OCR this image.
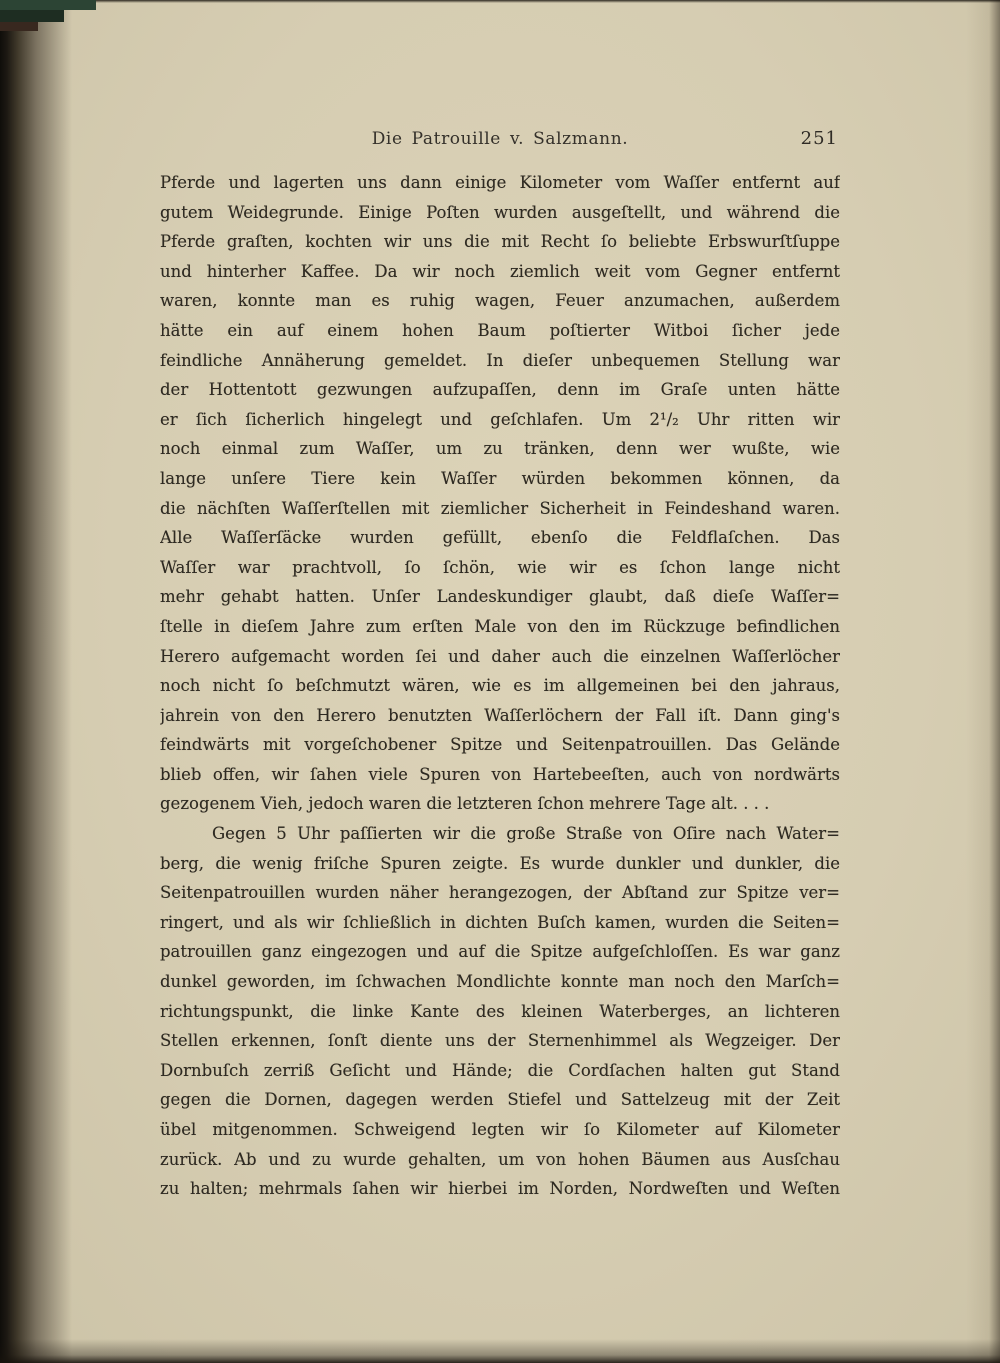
Die Patrouille v. Salzmann.	251
Pferde und lagerten uns dann einige Kilometer vom Waſſer entfernt auf
gutem Weidegrunde. Einige Poſten wurden ausgeſtellt, und während die
Pferde graſten, kochten wir uns die mit Recht ſo beliebte Erbswurſtſuppe
und hinterher Kaffee. Da wir noch ziemlich weit vom Gegner entfernt
waren, konnte man es ruhig wagen, Feuer anzumachen, außerdem
hätte ein auf einem hohen Baum poſtierter Witboi ſicher jede
feindliche Annäherung gemeldet. In dieſer unbequemen Stellung war
der Hottentott gezwungen aufzupaſſen, denn im Graſe unten hätte
er ſich ſicherlich hingelegt und geſchlafen. Um 2¹/₂ Uhr ritten wir
noch einmal zum Waſſer, um zu tränken, denn wer wußte, wie
lange unſere Tiere kein Waſſer würden bekommen können, da
die nächſten Waſſerſtellen mit ziemlicher Sicherheit in Feindeshand waren.
Alle Waſſerſäcke wurden gefüllt, ebenſo die Feldflaſchen. Das
Waſſer war prachtvoll, ſo ſchön, wie wir es ſchon lange nicht
mehr gehabt hatten. Unſer Landeskundiger glaubt, daß dieſe Waſſer=
ſtelle in dieſem Jahre zum erſten Male von den im Rückzuge befindlichen
Herero aufgemacht worden ſei und daher auch die einzelnen Waſſerlöcher
noch nicht ſo beſchmutzt wären, wie es im allgemeinen bei den jahraus,
jahrein von den Herero benutzten Waſſerlöchern der Fall iſt. Dann ging's
feindwärts mit vorgeſchobener Spitze und Seitenpatrouillen. Das Gelände
blieb offen, wir ſahen viele Spuren von Hartebeeſten, auch von nordwärts
gezogenem Vieh, jedoch waren die letzteren ſchon mehrere Tage alt. . . .
Gegen 5 Uhr paſſierten wir die große Straße von Oſire nach Water=
berg, die wenig friſche Spuren zeigte. Es wurde dunkler und dunkler, die
Seitenpatrouillen wurden näher herangezogen, der Abſtand zur Spitze ver=
ringert, und als wir ſchließlich in dichten Buſch kamen, wurden die Seiten=
patrouillen ganz eingezogen und auf die Spitze aufgeſchloſſen. Es war ganz
dunkel geworden, im ſchwachen Mondlichte konnte man noch den Marſch=
richtungspunkt, die linke Kante des kleinen Waterberges, an lichteren
Stellen erkennen, ſonſt diente uns der Sternenhimmel als Wegzeiger. Der
Dornbuſch zerriß Geſicht und Hände; die Cordſachen halten gut Stand
gegen die Dornen, dagegen werden Stiefel und Sattelzeug mit der Zeit
übel mitgenommen. Schweigend legten wir ſo Kilometer auf Kilometer
zurück. Ab und zu wurde gehalten, um von hohen Bäumen aus Ausſchau
zu halten; mehrmals ſahen wir hierbei im Norden, Nordweſten und Weſten
